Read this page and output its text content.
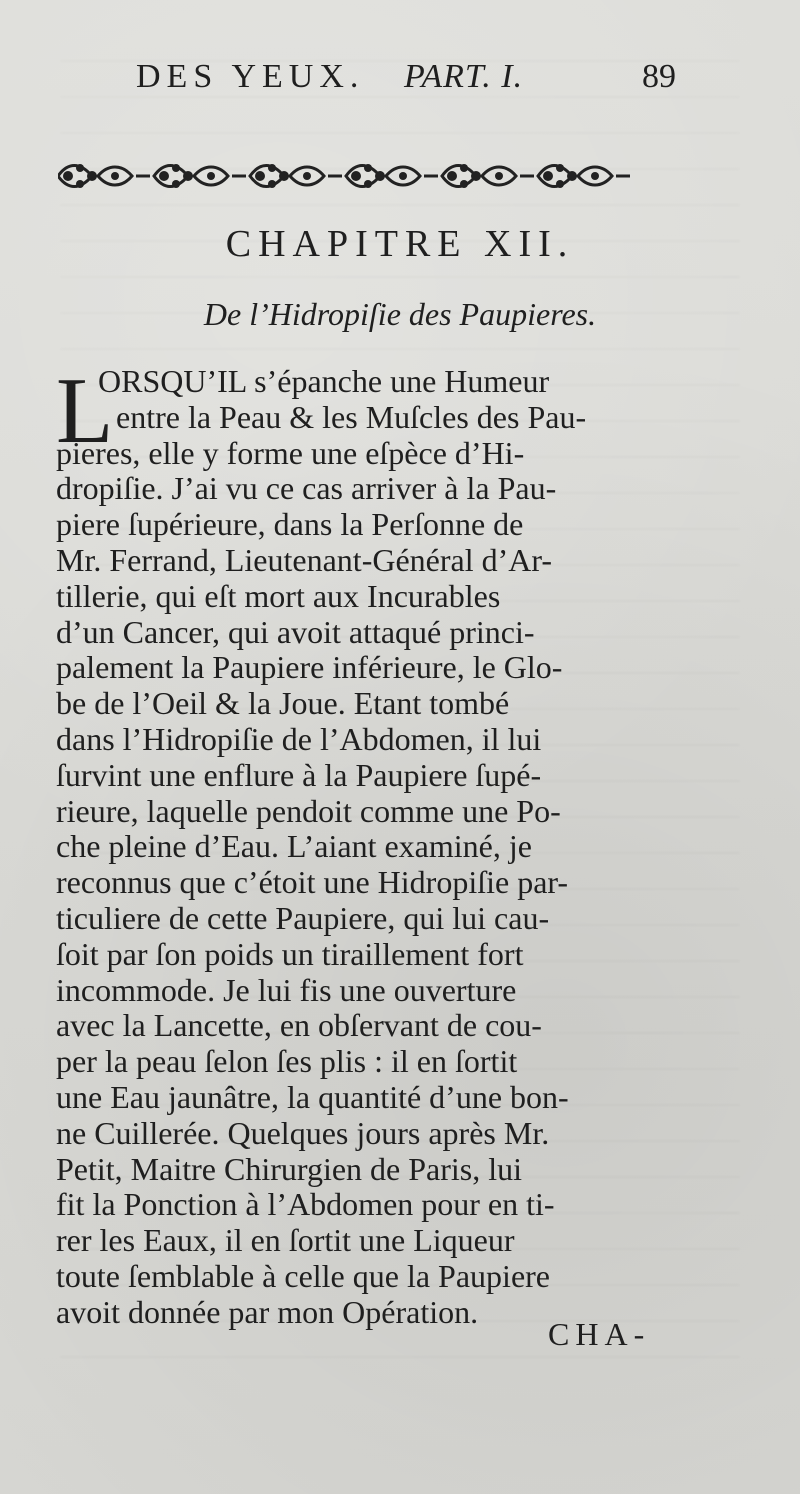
DES YEUX. PART. I.	89
CHAPITRE XII.
De l’Hidropiſie des Paupieres.
L
ORSQU’IL s’épanche une Humeur
entre la Peau & les Muſcles des Pau-
pieres, elle y forme une eſpèce d’Hi-
dropiſie. J’ai vu ce cas arriver à la Pau-
piere ſupérieure, dans la Perſonne de
Mr. Ferrand, Lieutenant-Général d’Ar-
tillerie, qui eſt mort aux Incurables
d’un Cancer, qui avoit attaqué princi-
palement la Paupiere inférieure, le Glo-
be de l’Oeil & la Joue. Etant tombé
dans l’Hidropiſie de l’Abdomen, il lui
ſurvint une enflure à la Paupiere ſupé-
rieure, laquelle pendoit comme une Po-
che pleine d’Eau. L’aiant examiné, je
reconnus que c’étoit une Hidropiſie par-
ticuliere de cette Paupiere, qui lui cau-
ſoit par ſon poids un tiraillement fort
incommode. Je lui fis une ouverture
avec la Lancette, en obſervant de cou-
per la peau ſelon ſes plis : il en ſortit
une Eau jaunâtre, la quantité d’une bon-
ne Cuillerée. Quelques jours après Mr.
Petit, Maitre Chirurgien de Paris, lui
fit la Ponction à l’Abdomen pour en ti-
rer les Eaux, il en ſortit une Liqueur
toute ſemblable à celle que la Paupiere
avoit donnée par mon Opération.
CHA-
